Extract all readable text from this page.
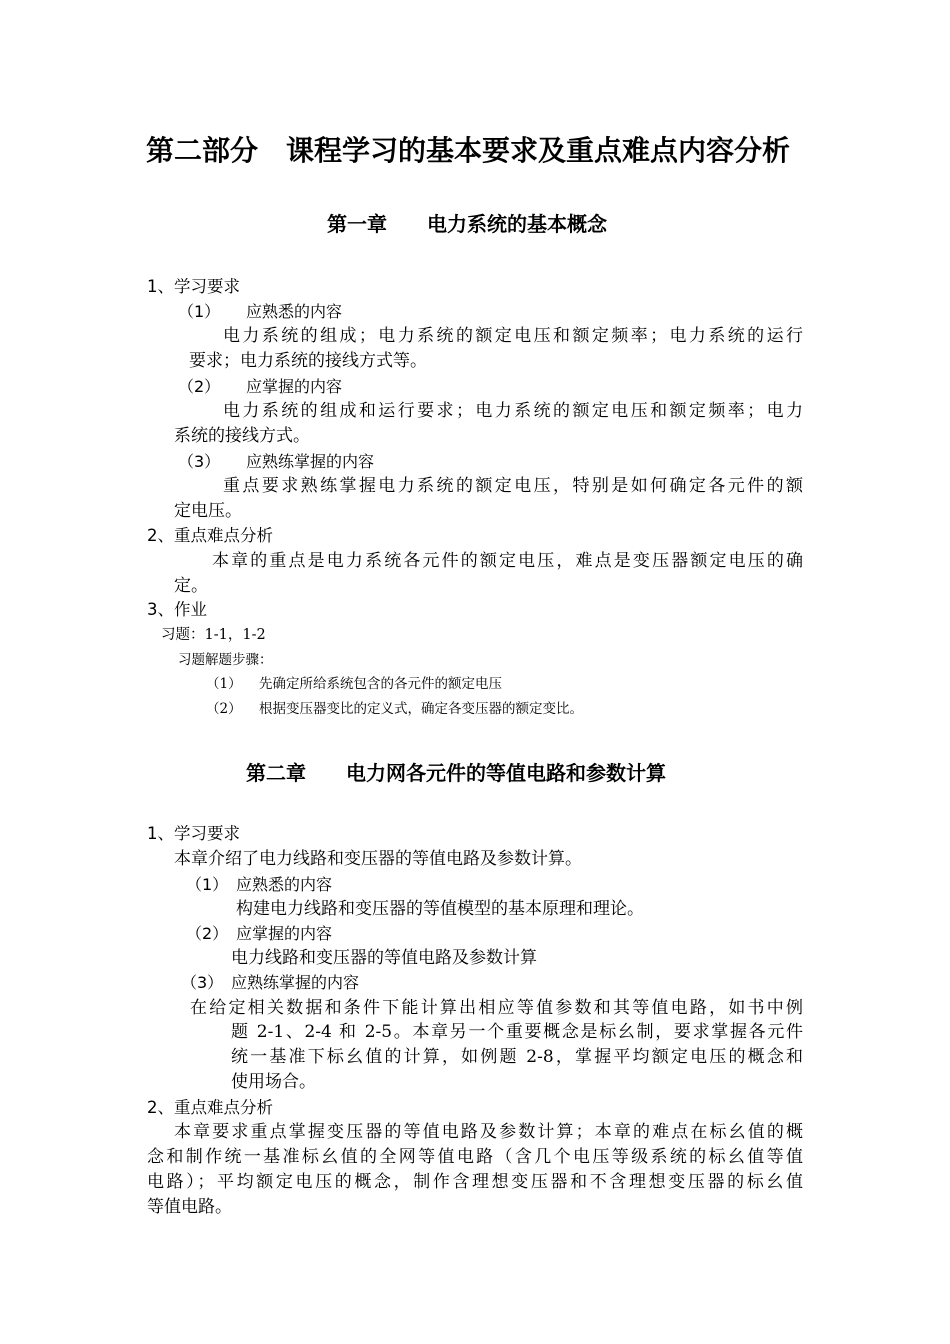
第二部分　课程学习的基本要求及重点难点内容分析
第一章　　电力系统的基本概念
1、学习要求
（1） 应熟悉的内容
电力系统的组成；电力系统的额定电压和额定频率；电力系统的运行
要求；电力系统的接线方式等。
（2） 应掌握的内容
电力系统的组成和运行要求；电力系统的额定电压和额定频率；电力
系统的接线方式。
（3） 应熟练掌握的内容
重点要求熟练掌握电力系统的额定电压，特别是如何确定各元件的额
定电压。
2、重点难点分析
本章的重点是电力系统各元件的额定电压，难点是变压器额定电压的确
定。
3、作业
习题：1-1，1-2
习题解题步骤：
（1） 先确定所给系统包含的各元件的额定电压
（2） 根据变压器变比的定义式，确定各变压器的额定变比。
第二章　　电力网各元件的等值电路和参数计算
1、学习要求
本章介绍了电力线路和变压器的等值电路及参数计算。
（1） 应熟悉的内容
构建电力线路和变压器的等值模型的基本原理和理论。
（2） 应掌握的内容
电力线路和变压器的等值电路及参数计算
（3） 应熟练掌握的内容
在给定相关数据和条件下能计算出相应等值参数和其等值电路，如书中例
题 2-1、2-4 和 2-5。本章另一个重要概念是标幺制，要求掌握各元件
统一基准下标幺值的计算，如例题 2-8，掌握平均额定电压的概念和
使用场合。
2、重点难点分析
本章要求重点掌握变压器的等值电路及参数计算；本章的难点在标幺值的概
念和制作统一基准标幺值的全网等值电路（含几个电压等级系统的标幺值等值
电路）；平均额定电压的概念，制作含理想变压器和不含理想变压器的标幺值
等值电路。
